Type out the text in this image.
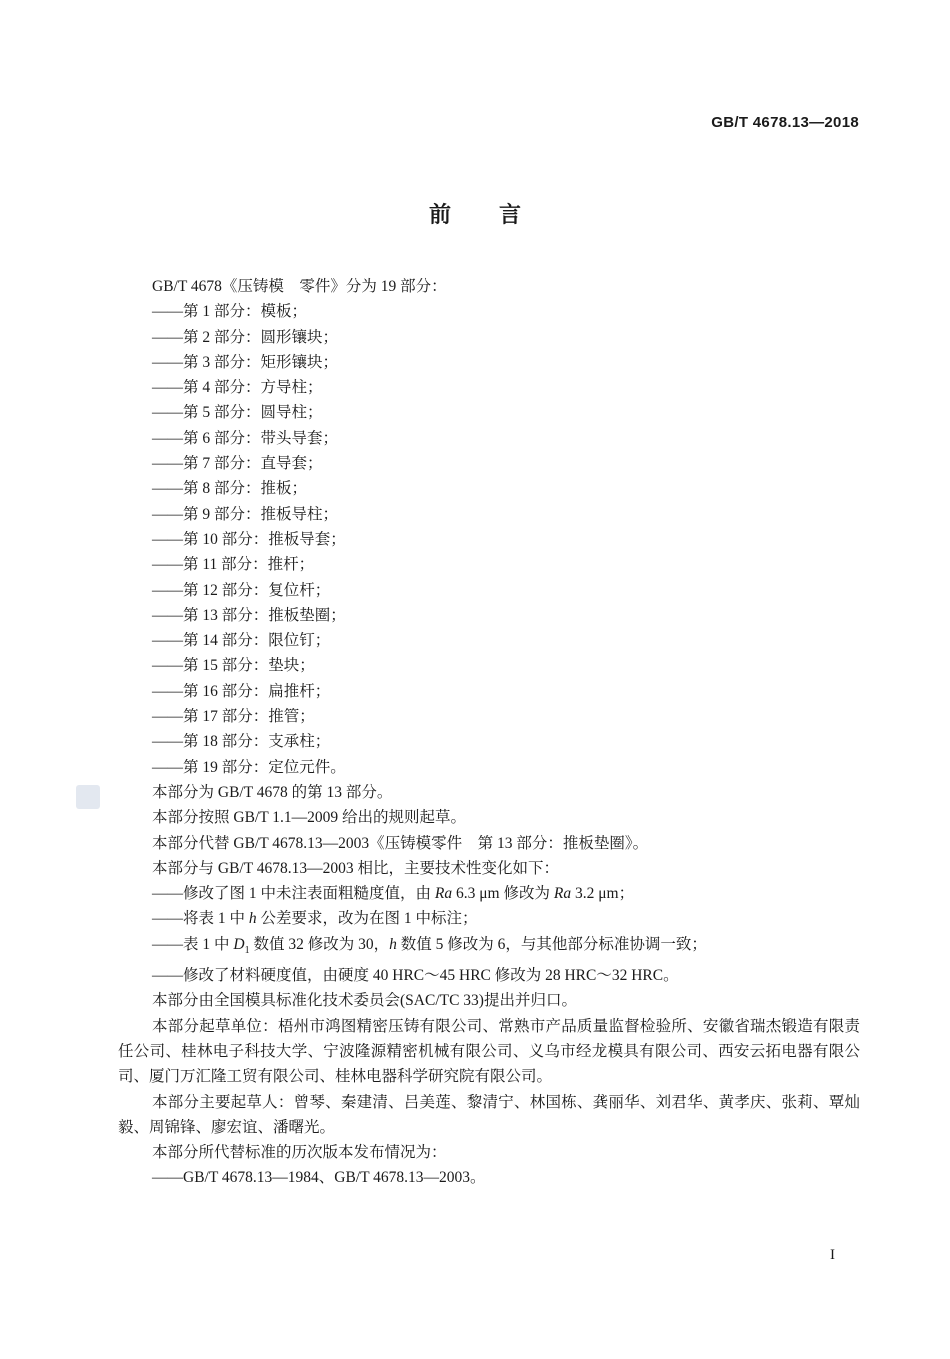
GB/T 4678.13—2018
前 言

GB/T 4678《压铸模　零件》分为 19 部分：

——第 1 部分：模板；

——第 2 部分：圆形镶块；

——第 3 部分：矩形镶块；

——第 4 部分：方导柱；

——第 5 部分：圆导柱；

——第 6 部分：带头导套；

——第 7 部分：直导套；

——第 8 部分：推板；

——第 9 部分：推板导柱；

——第 10 部分：推板导套；

——第 11 部分：推杆；

——第 12 部分：复位杆；

——第 13 部分：推板垫圈；

——第 14 部分：限位钉；

——第 15 部分：垫块；

——第 16 部分：扁推杆；

——第 17 部分：推管；

——第 18 部分：支承柱；

——第 19 部分：定位元件。

本部分为 GB/T 4678 的第 13 部分。

本部分按照 GB/T 1.1—2009 给出的规则起草。

本部分代替 GB/T 4678.13—2003《压铸模零件　第 13 部分：推板垫圈》。

本部分与 GB/T 4678.13—2003 相比，主要技术性变化如下：

——修改了图 1 中未注表面粗糙度值，由 Ra 6.3 μm 修改为 Ra 3.2 μm；

——将表 1 中 h 公差要求，改为在图 1 中标注；

——表 1 中 $D_1$ 数值 32 修改为 30，h 数值 5 修改为 6，与其他部分标准协调一致；

——修改了材料硬度值，由硬度 40 HRC～45 HRC 修改为 28 HRC～32 HRC。

本部分由全国模具标准化技术委员会(SAC/TC 33)提出并归口。

本部分起草单位：梧州市鸿图精密压铸有限公司、常熟市产品质量监督检验所、安徽省瑞杰锻造有限责任公司、桂林电子科技大学、宁波隆源精密机械有限公司、义乌市经龙模具有限公司、西安云拓电器有限公司、厦门万汇隆工贸有限公司、桂林电器科学研究院有限公司。

本部分主要起草人：曾琴、秦建清、吕美莲、黎清宁、林国栋、龚丽华、刘君华、黄孝庆、张莉、覃灿毅、周锦锋、廖宏谊、潘曙光。

本部分所代替标准的历次版本发布情况为：

——GB/T 4678.13—1984、GB/T 4678.13—2003。

I
